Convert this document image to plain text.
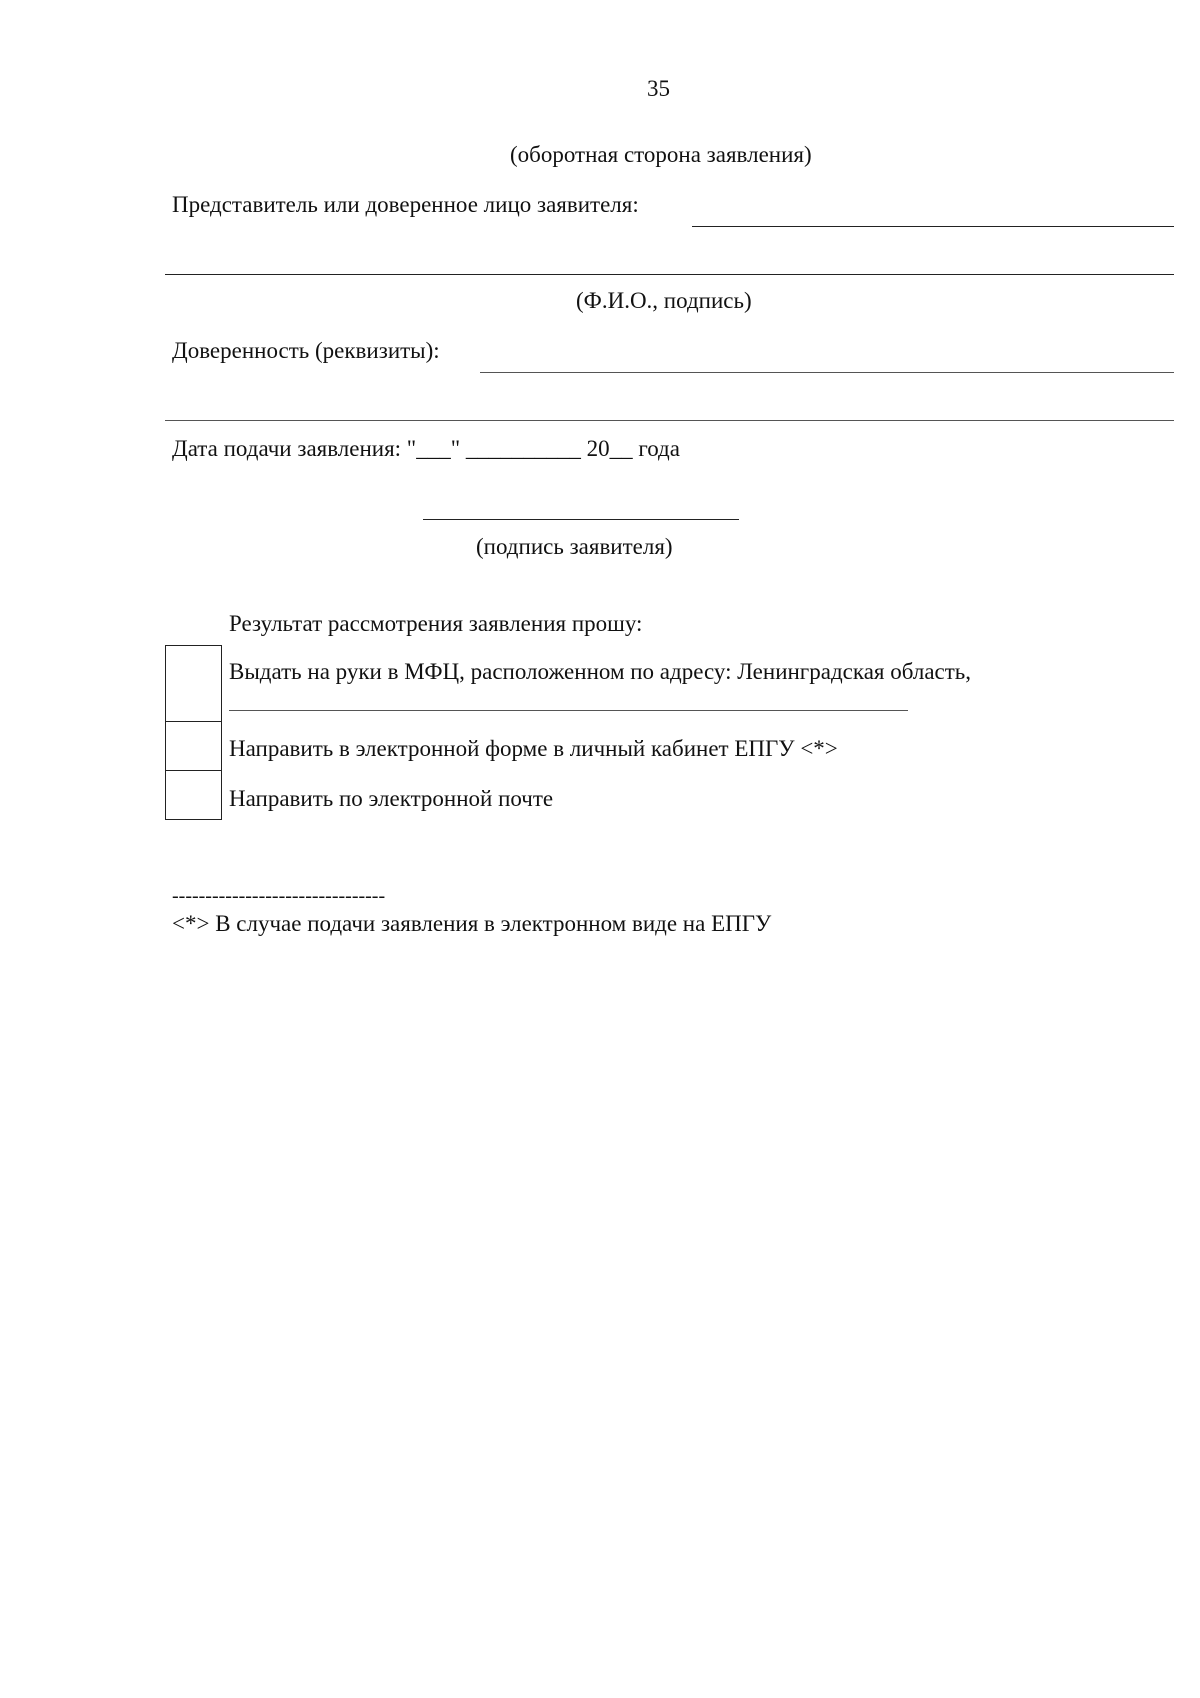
35
(оборотная сторона заявления)
Представитель или доверенное лицо заявителя:
(Ф.И.О., подпись)
Доверенность (реквизиты):
Дата подачи заявления: "___" __________ 20__ года
(подпись заявителя)
Результат рассмотрения заявления прошу:

Выдать на руки в МФЦ, расположенном по адресу: Ленинградская область,
Направить в электронной форме в личный кабинет ЕПГУ <*>
Направить по электронной почте
--------------------------------
<*> В случае подачи заявления в электронном виде на ЕПГУ
